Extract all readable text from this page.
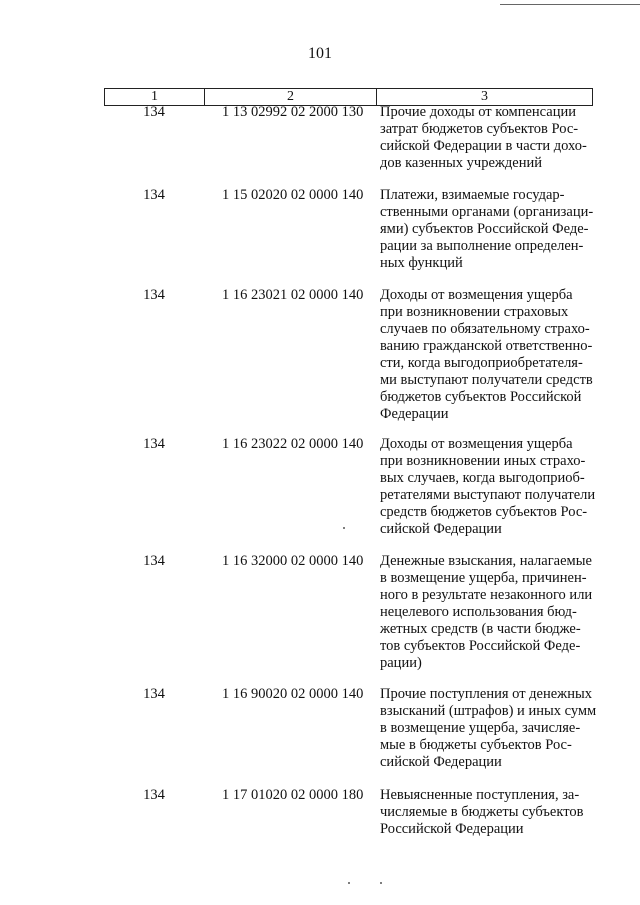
101
1	2	3
134	1 13 02992 02 2000 130	Прочие доходы от компенсации
затрат бюджетов субъектов Рос-
сийской Федерации в части дохо-
дов казенных учреждений
134	1 15 02020 02 0000 140	Платежи, взимаемые государ-
ственными органами (организаци-
ями) субъектов Российской Феде-
рации за выполнение определен-
ных функций
134	1 16 23021 02 0000 140	Доходы от возмещения ущерба
при возникновении страховых
случаев по обязательному страхо-
ванию гражданской ответственно-
сти, когда выгодоприобретателя-
ми выступают получатели средств
бюджетов субъектов Российской
Федерации
134	1 16 23022 02 0000 140	Доходы от возмещения ущерба
при возникновении иных страхо-
вых случаев, когда выгодоприоб-
ретателями выступают получатели
средств бюджетов субъектов Рос-
сийской Федерации
134	1 16 32000 02 0000 140	Денежные взыскания, налагаемые
в возмещение ущерба, причинен-
ного в результате незаконного или
нецелевого использования бюд-
жетных средств (в части бюдже-
тов субъектов Российской Феде-
рации)
134	1 16 90020 02 0000 140	Прочие поступления от денежных
взысканий (штрафов) и иных сумм
в возмещение ущерба, зачисляе-
мые в бюджеты субъектов Рос-
сийской Федерации
134	1 17 01020 02 0000 180	Невыясненные поступления, за-
числяемые в бюджеты субъектов
Российской Федерации
